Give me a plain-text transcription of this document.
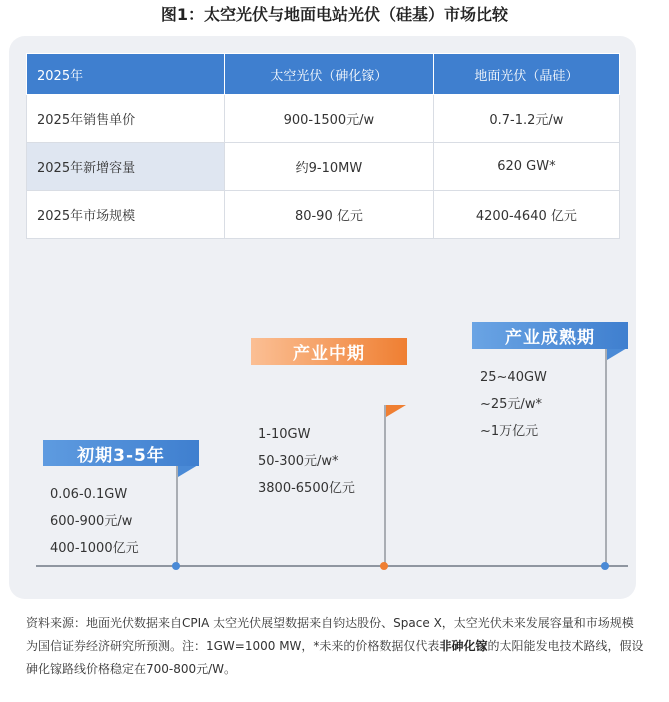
图1：太空光伏与地面电站光伏（硅基）市场比较
2025年	太空光伏（砷化镓）	地面光伏（晶硅）
2025年销售单价	900-1500元/w	0.7-1.2元/w
2025年新增容量	约9-10MW	620 GW*
2025年市场规模	80-90 亿元	4200-4640 亿元
初期3-5年
0.06-0.1GW
600-900元/w
400-1000亿元
产业中期
1-10GW
50-300元/w*
3800-6500亿元
产业成熟期
25~40GW
~25元/w*
~1万亿元
资料来源：地面光伏数据来自CPIA 太空光伏展望数据来自钧达股份、Space X，太空光伏未来发展容量和市场规模为国信证券经济研究所预测。注：1GW=1000 MW，*未来的价格数据仅代表非砷化镓的太阳能发电技术路线，假设砷化镓路线价格稳定在700-800元/W。
